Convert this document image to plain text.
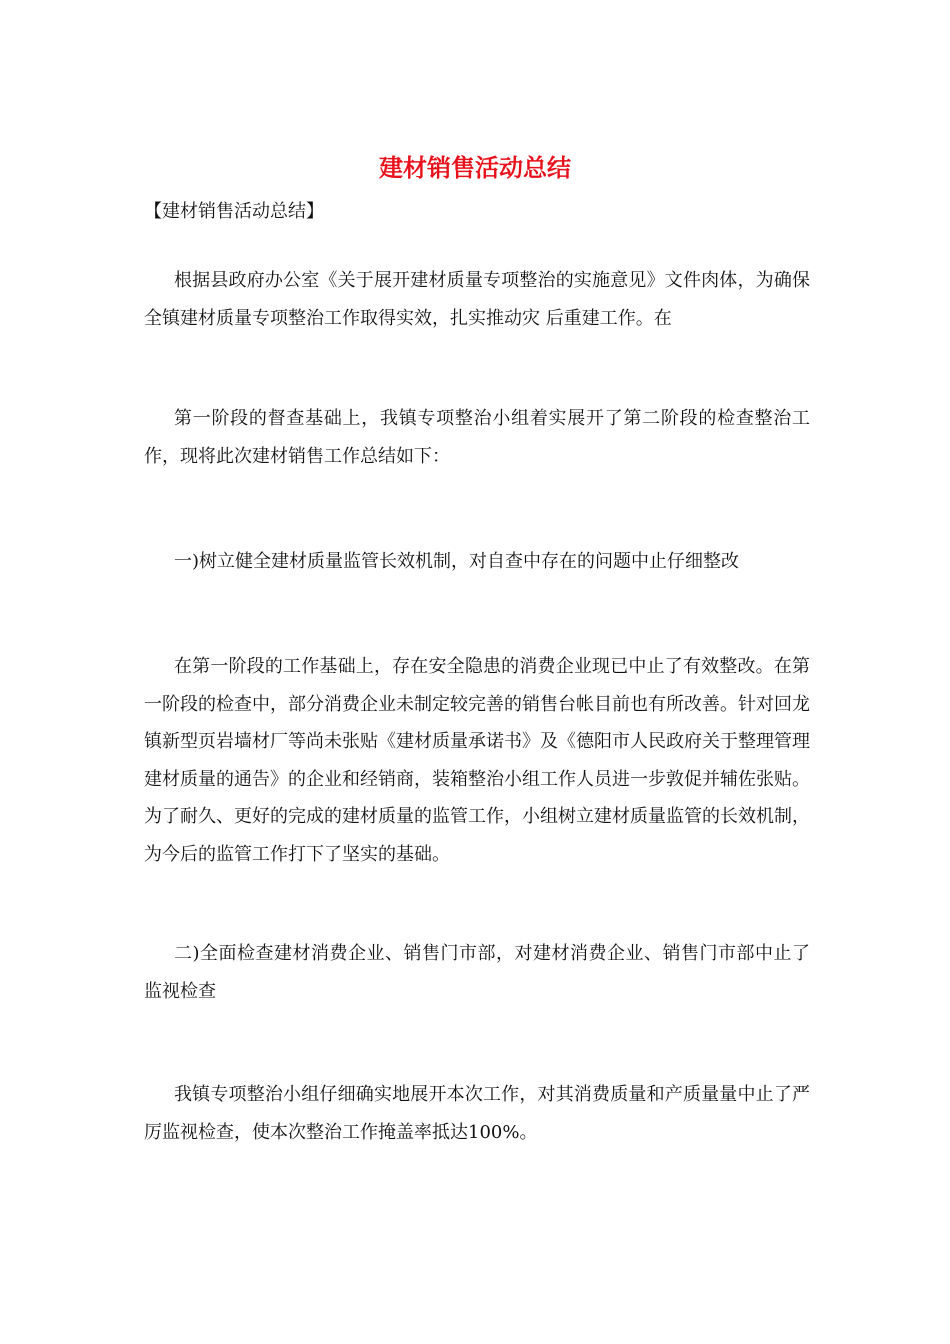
建材销售活动总结

【建材销售活动总结】

根据县政府办公室《关于展开建材质量专项整治的实施意见》文件肉体，为确保全镇建材质量专项整治工作取得实效，扎实推动灾 后重建工作。在

第一阶段的督查基础上，我镇专项整治小组着实展开了第二阶段的检查整治工作，现将此次建材销售工作总结如下：

一)树立健全建材质量监管长效机制，对自查中存在的问题中止仔细整改

在第一阶段的工作基础上，存在安全隐患的消费企业现已中止了有效整改。在第一阶段的检查中，部分消费企业未制定较完善的销售台帐目前也有所改善。针对回龙镇新型页岩墙材厂等尚未张贴《建材质量承诺书》及《德阳市人民政府关于整理管理建材质量的通告》的企业和经销商，装箱整治小组工作人员进一步敦促并辅佐张贴。为了耐久、更好的完成的建材质量的监管工作，小组树立建材质量监管的长效机制，为今后的监管工作打下了坚实的基础。

二)全面检查建材消费企业、销售门市部，对建材消费企业、销售门市部中止了监视检查

我镇专项整治小组仔细确实地展开本次工作，对其消费质量和产质量量中止了严厉监视检查，使本次整治工作掩盖率抵达100%。
